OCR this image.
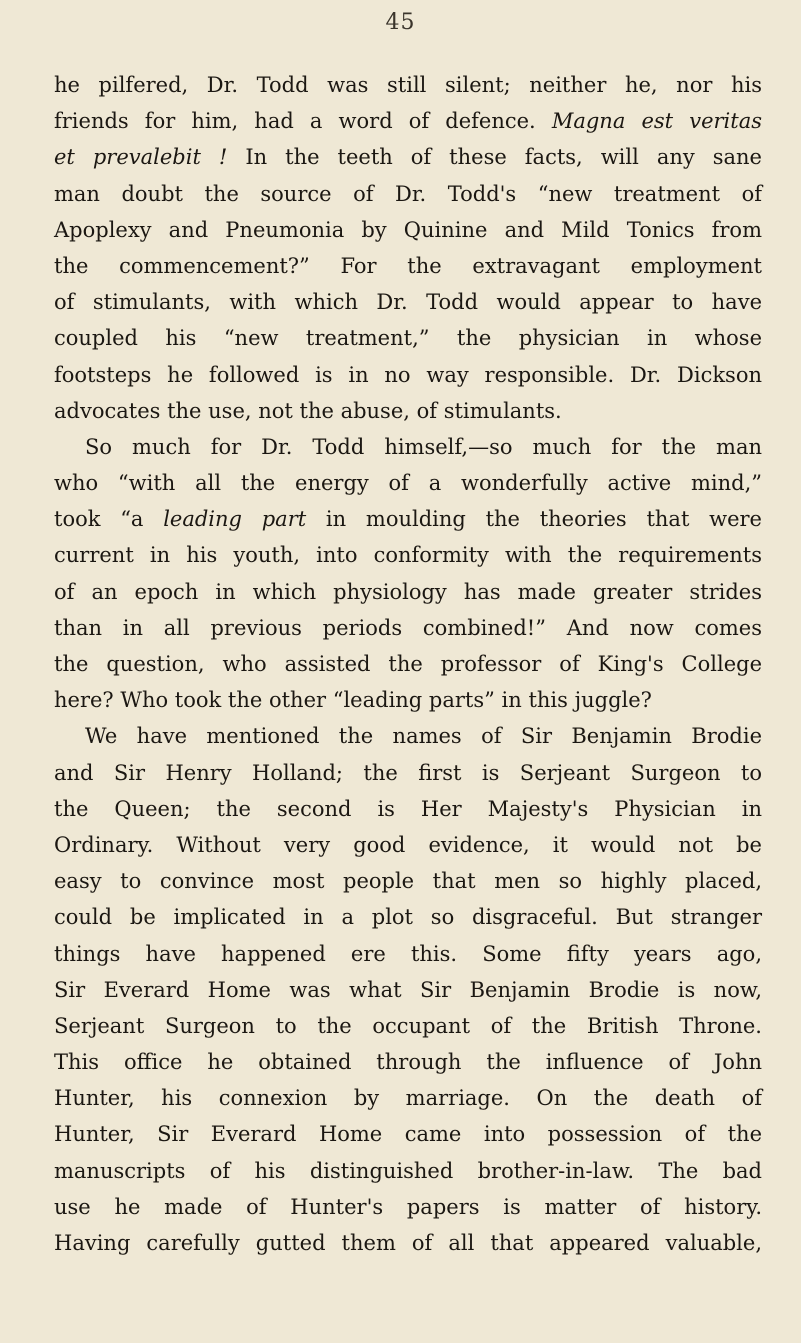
45
he pilfered, Dr. Todd was still silent; neither he, nor his
friends for him, had a word of defence. Magna est veritas
et prevalebit ! In the teeth of these facts, will any sane
man doubt the source of Dr. Todd's “new treatment of
Apoplexy and Pneumonia by Quinine and Mild Tonics from
the commencement?” For the extravagant employment
of stimulants, with which Dr. Todd would appear to have
coupled his “new treatment,” the physician in whose
footsteps he followed is in no way responsible. Dr. Dickson
advocates the use, not the abuse, of stimulants.
So much for Dr. Todd himself,—so much for the man
who “with all the energy of a wonderfully active mind,”
took “a leading part in moulding the theories that were
current in his youth, into conformity with the requirements
of an epoch in which physiology has made greater strides
than in all previous periods combined!” And now comes
the question, who assisted the professor of King's College
here? Who took the other “leading parts” in this juggle?
We have mentioned the names of Sir Benjamin Brodie
and Sir Henry Holland; the first is Serjeant Surgeon to
the Queen; the second is Her Majesty's Physician in
Ordinary. Without very good evidence, it would not be
easy to convince most people that men so highly placed,
could be implicated in a plot so disgraceful. But stranger
things have happened ere this. Some fifty years ago,
Sir Everard Home was what Sir Benjamin Brodie is now,
Serjeant Surgeon to the occupant of the British Throne.
This office he obtained through the influence of John
Hunter, his connexion by marriage. On the death of
Hunter, Sir Everard Home came into possession of the
manuscripts of his distinguished brother-in-law. The bad
use he made of Hunter's papers is matter of history.
Having carefully gutted them of all that appeared valuable,
